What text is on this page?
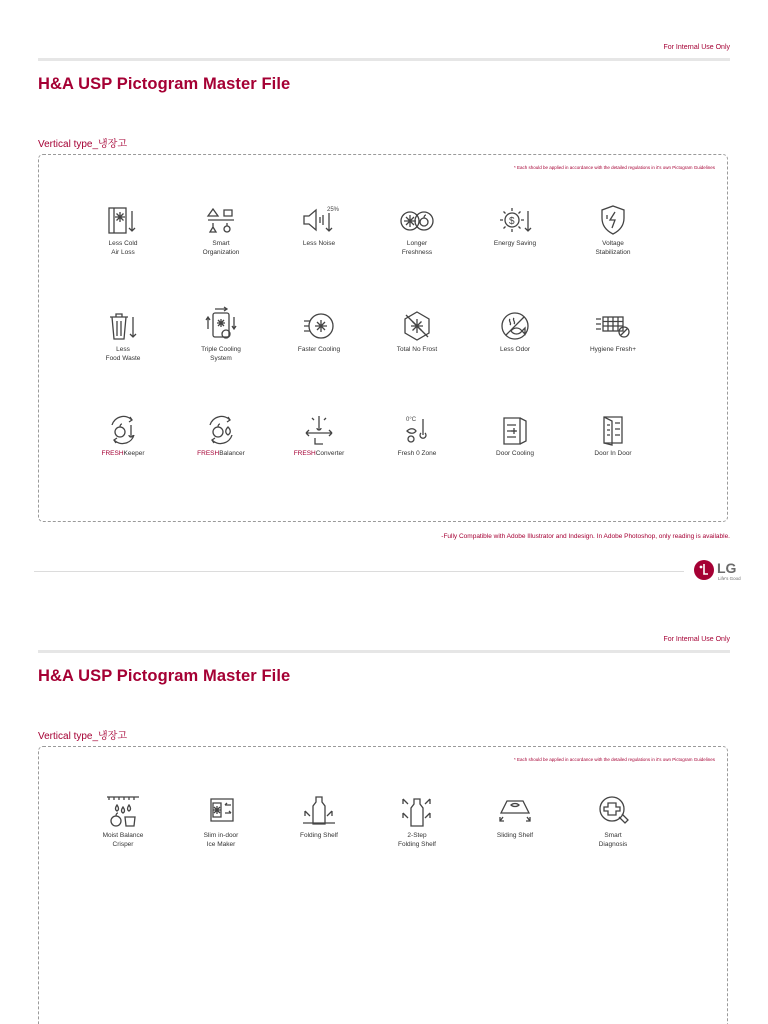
For Internal Use Only
H&A USP Pictogram Master File
Vertical type_냉장고
* Each should be applied in accordance with the detailed regulations in it's own Pictogram Guidelines
Less Cold
Air Loss
Smart
Organization
25%
Less Noise	Longer
Freshness
$
Energy Saving	Voltage
Stabilization
Less
Food Waste
Triple Cooling
System
Faster Cooling	Total No Frost	Less Odor	Hygiene Fresh+
FRESHKeeper	FRESHBalancer	FRESHConverter
0°C
Fresh 0 Zone	Door Cooling	Door In Door
-Fully Compatible with Adobe Illustrator and Indesign. In Adobe Photoshop, only reading is available.
LG
Life's Good
For Internal Use Only
H&A USP Pictogram Master File
Vertical type_냉장고
* Each should be applied in accordance with the detailed regulations in it's own Pictogram Guidelines
Moist Balance
Crisper
Slim in-door
Ice Maker
Folding Shelf	2-Step
Folding Shelf
Sliding Shelf	Smart
Diagnosis
